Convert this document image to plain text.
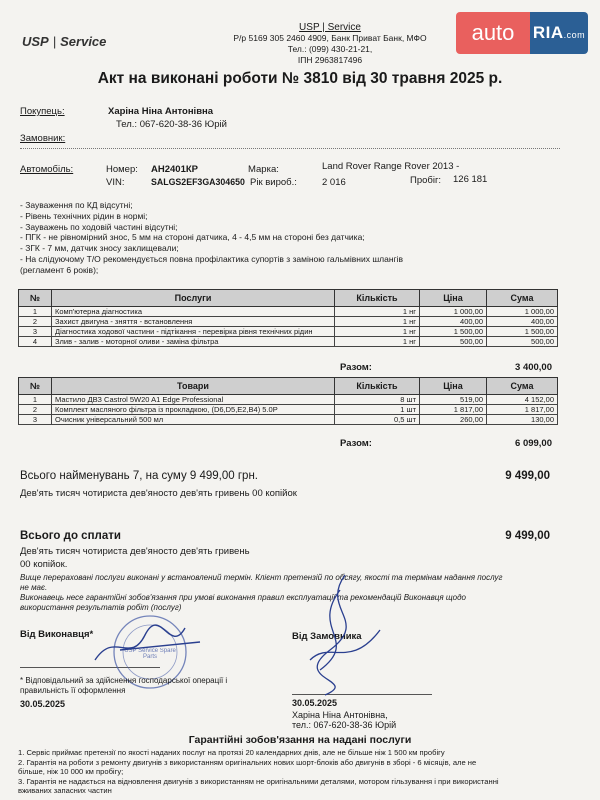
USP | Service
USP | Service
Р/р 5169 305 2460 4909, Банк Приват Банк, МФО
Тел.: (099) 430-21-21,
ІПН 2963817496
auto	RIA.com
Акт на виконані роботи № 3810 від 30 травня 2025 р.
Покупець:	Харіна Ніна Антонівна
Тел.: 067-620-38-36 Юрій
Замовник:
Автомобіль:	Номер: АН2401КР	Марка:	Land Rover Range Rover 2013 -
VIN:	SALGS2EF3GA304650 Рік вироб.:	2 016	Пробіг: 126 181
- Зауваження по КД відсутні;
- Рівень технічних рідин в нормі;
- Зауважень по ходовій частині відсутні;
- ПГК - не рівномірний знос, 5 мм на стороні датчика, 4 - 4,5 мм на стороні без датчика;
- ЗГК - 7 мм, датчик зносу заклищевали;
- На слідуючому Т/О рекомендується повна профілактика супортів з заміною гальмівних шлангів
(регламент 6 років);
№	Послуги	Кількість	Ціна	Сума
1	Комп'ютерна діагностика	1 нг	1 000,00	1 000,00
2	Захист двигуна - зняття - встановлення	1 нг	400,00	400,00
3	Діагностика ходової частини - підтікання - перевірка рівня технічних рідин	1 нг	1 500,00	1 500,00
4	Злив - залив - моторної оливи - заміна фільтра	1 нг	500,00	500,00
Разом:	3 400,00
№	Товари	Кількість	Ціна	Сума
1	Мастило ДВЗ Castrol 5W20 A1 Edge Professional	8 шт	519,00	4 152,00
2	Комплект масляного фільтра із прокладкою, (D6,D5,E2,B4) 5.0P	1 шт	1 817,00	1 817,00
3	Очисник універсальний 500 мл	0,5 шт	260,00	130,00
Разом:	6 099,00
Всього найменувань 7, на суму 9 499,00 грн.	9 499,00
Дев'ять тисяч чотириста дев'яносто дев'ять гривень 00 копійок
Всього до сплати	9 499,00
Дев'ять тисяч чотириста дев'яносто дев'ять гривень
00 копійок.
Вище перераховані послуги виконані у встановлений термін. Клієнт претензій по обсягу, якості та термінам надання послуг
не має.
Виконавець несе гарантійні зобов'язання при умові виконання правил експлуатації та рекомендацій Виконавця щодо
використання результатів робіт (послуг)
Від Виконавця*	Від Замовника
USP Service Spare Parts
* Відповідальний за здійснення господарської операції і
правильність її оформлення
30.05.2025	30.05.2025
Харіна Ніна Антонівна,
тел.: 067-620-38-36 Юрій
Гарантійні зобов'язання на надані послуги
1. Сервіс приймає претензії по якості наданих послуг на протязі 20 календарних днів, але не більше ніж 1 500 км пробігу
2. Гарантія на роботи з ремонту двигунів з використанням оригінальних нових шорт-блоків або двигунів в зборі - 6 місяців, але не
більше, ніж 10 000 км пробігу;
3. Гарантія не надається на відновлення двигунів з використанням не оригінальними деталями, мотором гільзування і при використанні
вживаних запасних частин
